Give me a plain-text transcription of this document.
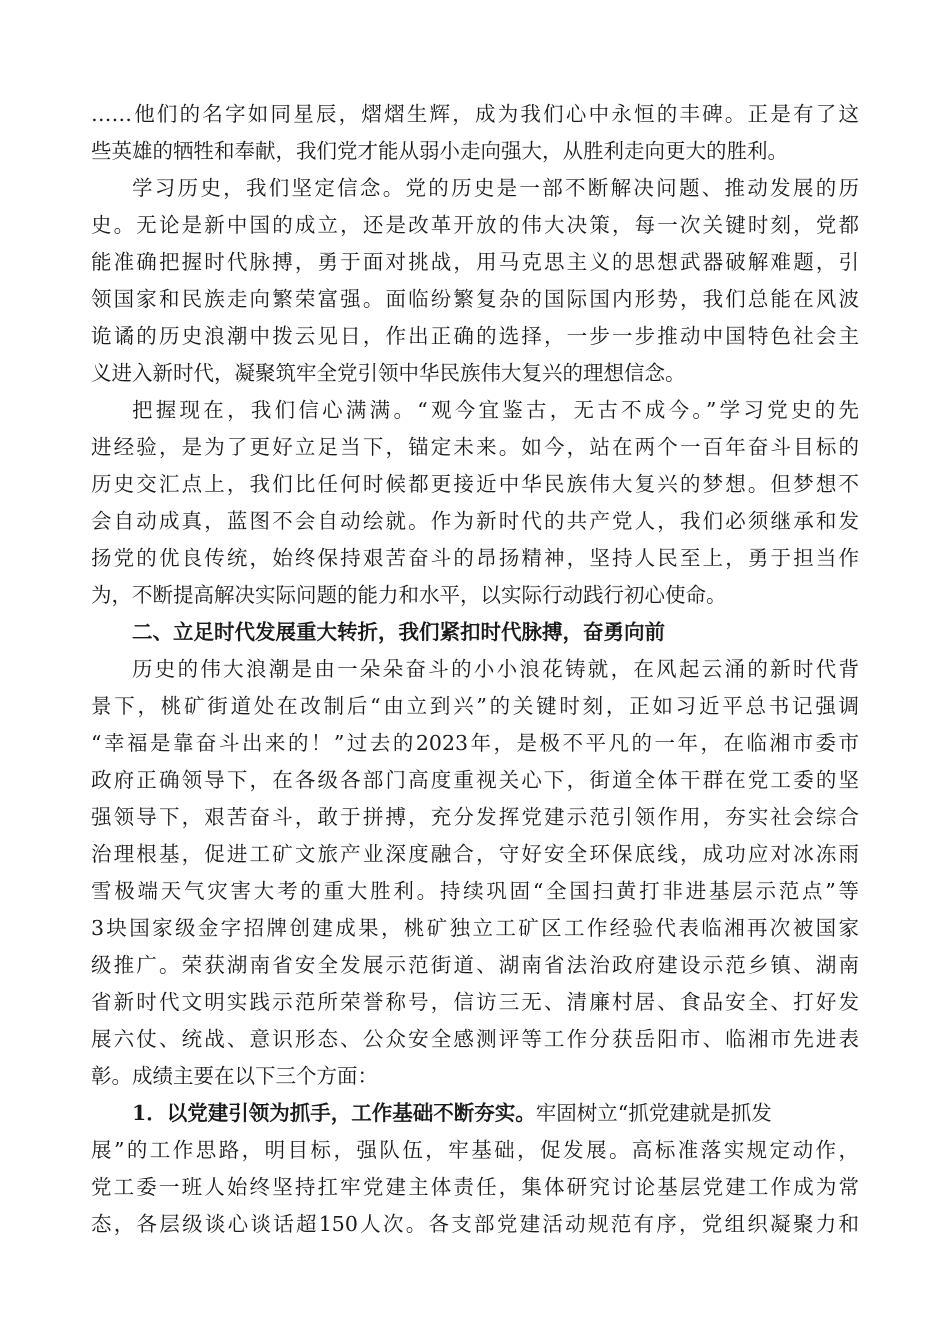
……他们的名字如同星辰，熠熠生辉，成为我们心中永恒的丰碑。正是有了这
些英雄的牺牲和奉献，我们党才能从弱小走向强大，从胜利走向更大的胜利。
学习历史，我们坚定信念。党的历史是一部不断解决问题、推动发展的历
史。无论是新中国的成立，还是改革开放的伟大决策，每一次关键时刻，党都
能准确把握时代脉搏，勇于面对挑战，用马克思主义的思想武器破解难题，引
领国家和民族走向繁荣富强。面临纷繁复杂的国际国内形势，我们总能在风波
诡谲的历史浪潮中拨云见日，作出正确的选择，一步一步推动中国特色社会主
义进入新时代，凝聚筑牢全党引领中华民族伟大复兴的理想信念。
把握现在，我们信心满满。“观今宜鉴古，无古不成今。”学习党史的先
进经验，是为了更好立足当下，锚定未来。如今，站在两个一百年奋斗目标的
历史交汇点上，我们比任何时候都更接近中华民族伟大复兴的梦想。但梦想不
会自动成真，蓝图不会自动绘就。作为新时代的共产党人，我们必须继承和发
扬党的优良传统，始终保持艰苦奋斗的昂扬精神，坚持人民至上，勇于担当作
为，不断提高解决实际问题的能力和水平，以实际行动践行初心使命。
二、立足时代发展重大转折，我们紧扣时代脉搏，奋勇向前
历史的伟大浪潮是由一朵朵奋斗的小小浪花铸就，在风起云涌的新时代背
景下，桃矿街道处在改制后“由立到兴”的关键时刻，正如习近平总书记强调
“幸福是靠奋斗出来的！”过去的2023年，是极不平凡的一年，在临湘市委市
政府正确领导下，在各级各部门高度重视关心下，街道全体干群在党工委的坚
强领导下，艰苦奋斗，敢于拼搏，充分发挥党建示范引领作用，夯实社会综合
治理根基，促进工矿文旅产业深度融合，守好安全环保底线，成功应对冰冻雨
雪极端天气灾害大考的重大胜利。持续巩固“全国扫黄打非进基层示范点”等
3块国家级金字招牌创建成果，桃矿独立工矿区工作经验代表临湘再次被国家
级推广。荣获湖南省安全发展示范街道、湖南省法治政府建设示范乡镇、湖南
省新时代文明实践示范所荣誉称号，信访三无、清廉村居、食品安全、打好发
展六仗、统战、意识形态、公众安全感测评等工作分获岳阳市、临湘市先进表
彰。成绩主要在以下三个方面：
1．以党建引领为抓手，工作基础不断夯实。牢固树立“抓党建就是抓发
展”的工作思路，明目标，强队伍，牢基础，促发展。高标准落实规定动作，
党工委一班人始终坚持扛牢党建主体责任，集体研究讨论基层党建工作成为常
态，各层级谈心谈话超150人次。各支部党建活动规范有序，党组织凝聚力和
